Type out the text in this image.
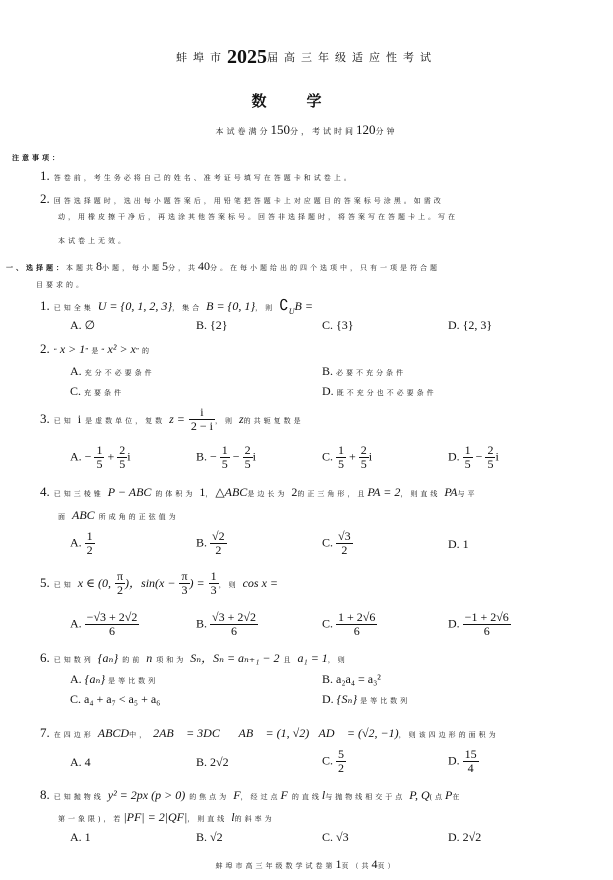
蚌埠市2025届高三年级适应性考试
数学
本试卷满分150分，考试时间120分钟
注意事项：
1. 答卷前，考生务必将自己的姓名、准考证号填写在答题卡和试卷上。
2. 回答选择题时，选出每小题答案后，用铅笔把答题卡上对应题目的答案标号涂黑。如需改
动，用橡皮擦干净后，再选涂其他答案标号。回答非选择题时，将答案写在答题卡上。写在
本试卷上无效。
一、选择题：本题共8小题，每小题5分，共40分。在每小题给出的四个选项中，只有一项是符合题
目要求的。
1. 已知全集 U = {0, 1, 2, 3}，集合 B = {0, 1}，则 $∁_UB$ =
A. ∅	B. {2}	C. {3}	D. {2, 3}
2. “x > 1”是“x² > x”的
A. 充分不必要条件	B. 必要不充分条件
C. 充要条件	D. 既不充分也不必要条件
3. 已知 i 是虚数单位，复数 $z = \frac{i}{2 - i}$ ，则 z的共轭复数是
A. − $\frac{1}{5} + \frac{2}{5}$ i	B. − $\frac{1}{5} - \frac{2}{5}$ i	C. $\frac{1}{5} + \frac{2}{5}$ i	D. $\frac{1}{5} - \frac{2}{5}$ i
4. 已知三棱锥 P − ABC 的体积为 1，△ABC是边长为 2的正三角形，且PA = 2，则直线 PA与平
面 ABC 所成角的正弦值为
A. $\frac{1}{2}$	B. $\frac{√2}{2}$	C. $\frac{√3}{2}$	D. 1
5. 已知 x ∈ (0, $\frac{\pi}{2}$ )，$\sin(x - \frac{\pi}{3}$ ) = $\frac{1}{3}$ ，则 cos x =
A. $\frac{-√3 + 2√2}{6}$	B. $\frac{√3 + 2√2}{6}$	C. $\frac{1 + 2√6}{6}$	D. $\frac{-1 + 2√6}{6}$
6. 已知数列 {aₙ} 的前 n 项和为 Sₙ，Sₙ = aₙ₊₁ − 2 且 a₁ = 1，则
A. {aₙ} 是等比数列	B. a₂a₄ = a₃²
C. a₄ + a₇ < a₅ + a₆	D. {Sₙ} 是等比数列
7. 在四边形 ABCD中， 2AB⃗ = 3DC⃗，AB⃗ = (1, √2)，AD⃗ = (√2, −1)，则该四边形的面积为
A. 4	B. 2√2	C. $\frac{5}{2}$	D. $\frac{15}{4}$
8. 已知抛物线 y² = 2px (p > 0) 的焦点为 F，经过点F 的直线l与抛物线相交于点 P, Q(点P在
第一象限)，若|PF| = 2|QF|，则直线 l的斜率为
A. 1	B. √2	C. √3	D. 2√2
蚌埠市高三年级数学试卷第1页（共4页）
